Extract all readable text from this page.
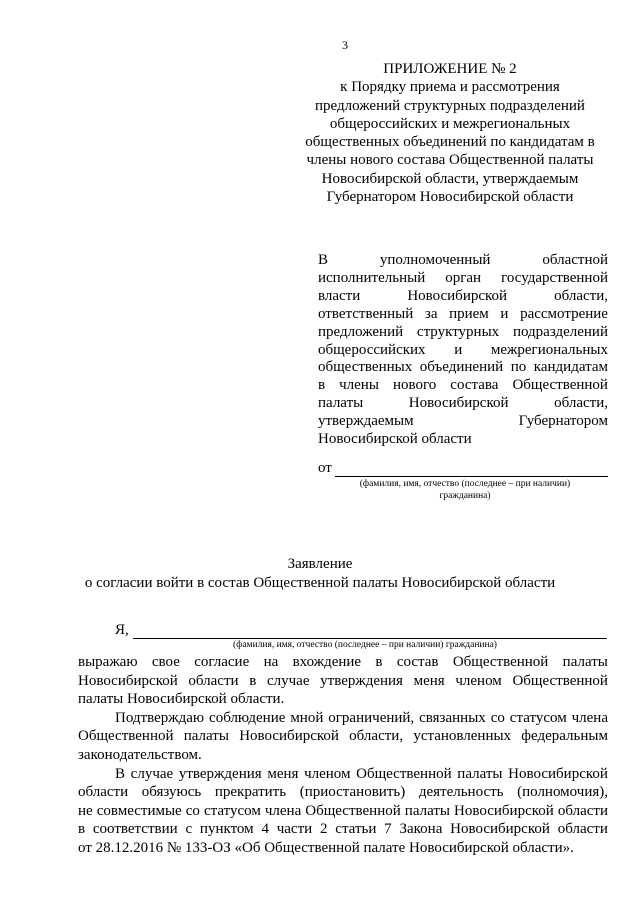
3
ПРИЛОЖЕНИЕ № 2
к Порядку приема и рассмотрения
предложений структурных подразделений
общероссийских и межрегиональных
общественных объединений по кандидатам в
члены нового состава Общественной палаты
Новосибирской области, утверждаемым
Губернатором Новосибирской области
В	уполномоченный	областной
исполнительный орган государственной
власти	Новосибирской	области,
ответственный за прием и рассмотрение
предложений структурных подразделений
общероссийских и межрегиональных
общественных объединений по кандидатам
в члены нового состава Общественной
палаты	Новосибирской	области,
утверждаемым	Губернатором
Новосибирской области
от
(фамилия, имя, отчество (последнее – при наличии)
гражданина)
Заявление
о согласии войти в состав Общественной палаты Новосибирской области
Я,
(фамилия, имя, отчество (последнее – при наличии) гражданина)

выражаю свое согласие на вхождение в состав Общественной палаты
Новосибирской области в случае утверждения меня членом Общественной
палаты Новосибирской области.

Подтверждаю соблюдение мной ограничений, связанных со статусом члена
Общественной палаты Новосибирской области, установленных федеральным
законодательством.

В случае утверждения меня членом Общественной палаты Новосибирской
области обязуюсь прекратить (приостановить) деятельность (полномочия),
не совместимые со статусом члена Общественной палаты Новосибирской области
в соответствии с пунктом 4 части 2 статьи 7 Закона Новосибирской области
от 28.12.2016 № 133-ОЗ «Об Общественной палате Новосибирской области».
